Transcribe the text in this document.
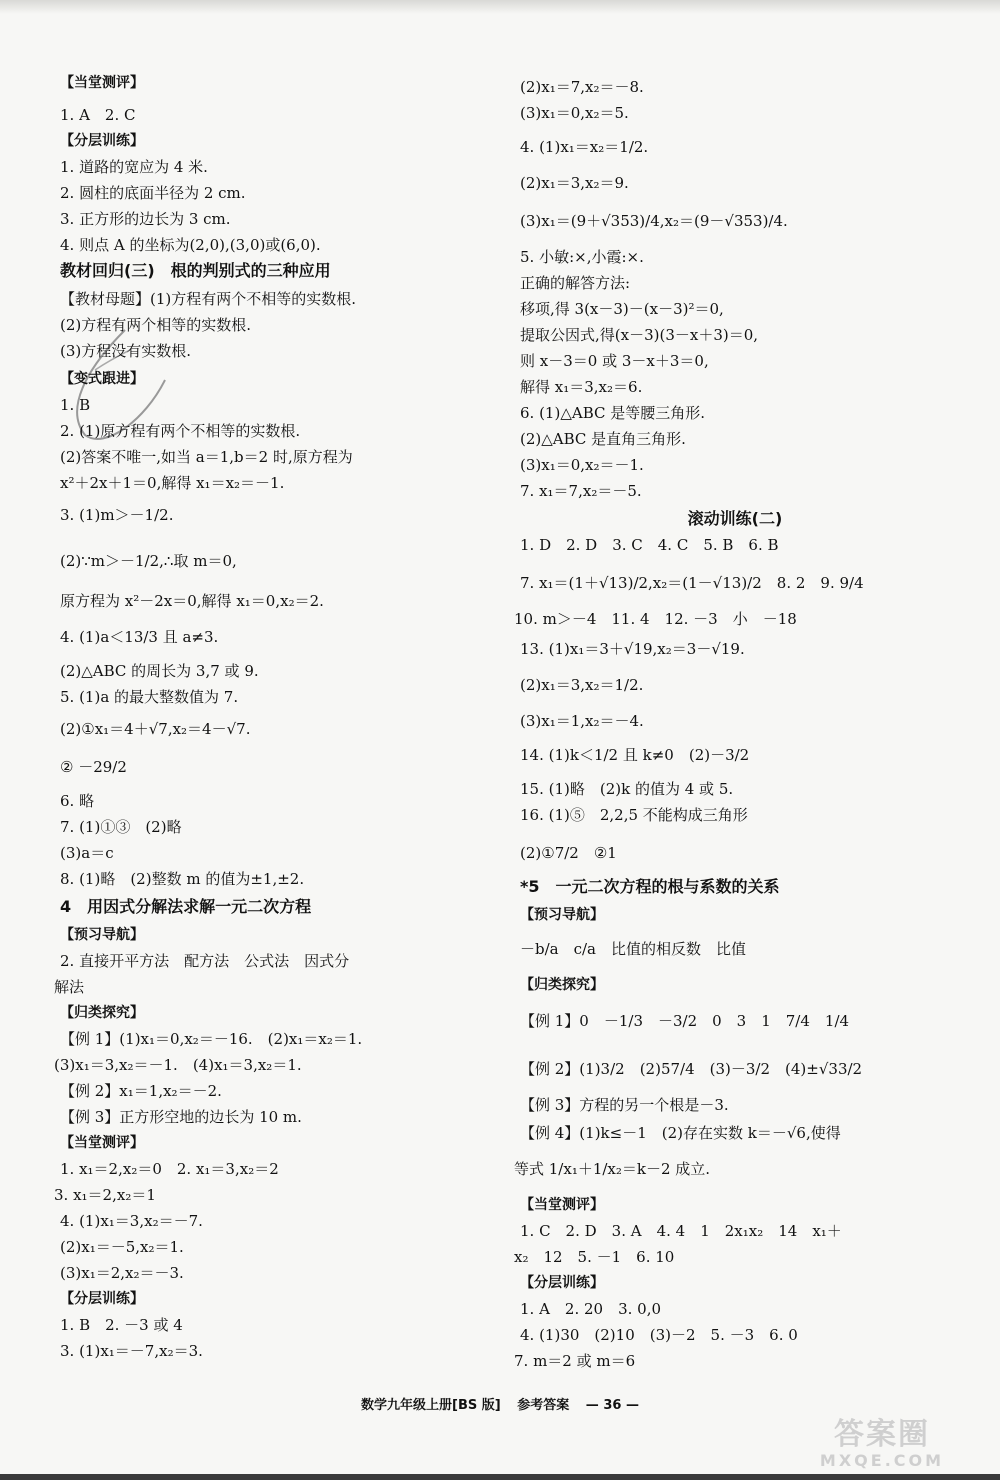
【当堂测评】
1. A　2. C
【分层训练】
1. 道路的宽应为 4 米.
2. 圆柱的底面半径为 2 cm.
3. 正方形的边长为 3 cm.
4. 则点 A 的坐标为(2,0),(3,0)或(6,0).
教材回归(三)　根的判别式的三种应用
【教材母题】(1)方程有两个不相等的实数根.
(2)方程有两个相等的实数根.
(3)方程没有实数根.
【变式跟进】
1. B
2. (1)原方程有两个不相等的实数根.
(2)答案不唯一,如当 a＝1,b＝2 时,原方程为
x²＋2x＋1＝0,解得 x₁＝x₂＝－1.
3. (1)m＞－1/2.
(2)∵m＞－1/2,∴取 m＝0,
原方程为 x²－2x＝0,解得 x₁＝0,x₂＝2.
4. (1)a＜13/3 且 a≠3.
(2)△ABC 的周长为 3,7 或 9.
5. (1)a 的最大整数值为 7.
(2)①x₁＝4＋√7,x₂＝4－√7.
② －29/2
6. 略
7. (1)①③　(2)略
(3)a＝c
8. (1)略　(2)整数 m 的值为±1,±2.
4　用因式分解法求解一元二次方程
【预习导航】
2. 直接开平方法　配方法　公式法　因式分
解法
【归类探究】
【例 1】(1)x₁＝0,x₂＝－16.　(2)x₁＝x₂＝1.
(3)x₁＝3,x₂＝－1.　(4)x₁＝3,x₂＝1.
【例 2】x₁＝1,x₂＝－2.
【例 3】正方形空地的边长为 10 m.
【当堂测评】
1. x₁＝2,x₂＝0　2. x₁＝3,x₂＝2
3. x₁＝2,x₂＝1
4. (1)x₁＝3,x₂＝－7.
(2)x₁＝－5,x₂＝1.
(3)x₁＝2,x₂＝－3.
【分层训练】
1. B　2. －3 或 4
3. (1)x₁＝－7,x₂＝3.
(2)x₁＝7,x₂＝－8.
(3)x₁＝0,x₂＝5.
4. (1)x₁＝x₂＝1/2.
(2)x₁＝3,x₂＝9.
(3)x₁＝(9＋√353)/4,x₂＝(9－√353)/4.
5. 小敏:×,小霞:×.
正确的解答方法:
移项,得 3(x－3)－(x－3)²＝0,
提取公因式,得(x－3)(3－x＋3)＝0,
则 x－3＝0 或 3－x＋3＝0,
解得 x₁＝3,x₂＝6.
6. (1)△ABC 是等腰三角形.
(2)△ABC 是直角三角形.
(3)x₁＝0,x₂＝－1.
7. x₁＝7,x₂＝－5.
滚动训练(二)
1. D　2. D　3. C　4. C　5. B　6. B
7. x₁＝(1＋√13)/2,x₂＝(1－√13)/2　8. 2　9. 9/4
10. m＞－4　11. 4　12. －3　小　－18
13. (1)x₁＝3＋√19,x₂＝3－√19.
(2)x₁＝3,x₂＝1/2.
(3)x₁＝1,x₂＝－4.
14. (1)k＜1/2 且 k≠0　(2)－3/2
15. (1)略　(2)k 的值为 4 或 5.
16. (1)⑤　2,2,5 不能构成三角形
(2)①7/2　②1
*5　一元二次方程的根与系数的关系
【预习导航】
－b/a　c/a　比值的相反数　比值
【归类探究】
【例 1】0　－1/3　－3/2　0　3　1　7/4　1/4
【例 2】(1)3/2　(2)57/4　(3)－3/2　(4)±√33/2
【例 3】方程的另一个根是－3.
【例 4】(1)k≤－1　(2)存在实数 k＝－√6,使得
等式 1/x₁＋1/x₂＝k－2 成立.
【当堂测评】
1. C　2. D　3. A　4. 4　1　2x₁x₂　14　x₁＋
x₂　12　5. －1　6. 10
【分层训练】
1. A　2. 20　3. 0,0
4. (1)30　(2)10　(3)－2　5. －3　6. 0
7. m＝2 或 m＝6
数学九年级上册[BS 版] 参考答案 — 36 —
答案圈
MXQE.COM
